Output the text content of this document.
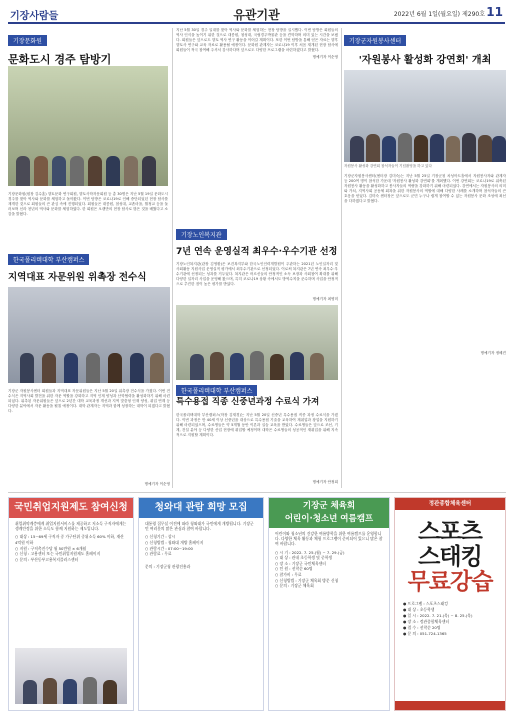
기장사람들	유관기관	2022년 6월 1일(월요일) 제290호 11
기장문화원
문화도시 경주 탐방기
기장문화원(원장 김수홍) 향토문화 연구회원, 향토사학자문회원 등 총 30명은 지난 5월 19일 문화도시 경주를 찾아 역사와 문화를 체험하고 돌아왔다. 이번 탐방은 코로나19로 인해 중단되었던 현장 답사를 재개한 것으로 회원들의 큰 관심 속에 진행되었다. 회원들은 대릉원, 첨성대, 교촌마을, 월정교 등을 둘러보며 신라 천년의 역사와 문화를 체험하였다. 한 회원은 오랜만의 현장 답사로 많은 것을 배웠다고 소감을 밝혔다.
지난 5월 30일 경주 일대를 찾아 역사와 문화를 체험하는 현장 탐방을 실시했다. 이번 탐방은 회원들의 역사 인식을 높이기 위한 것으로 대릉원, 첨성대, 국립경주박물관 등을 견학하며 의미 있는 시간을 보냈다. 회원들은 앞으로도 향토 역사 연구 활동을 이어갈 계획이다. 또한 이번 탐방을 통해 얻은 자료는 향후 향토사 연구와 교육 자료로 활용될 예정이다. 문화원 관계자는 코로나19 이후 처음 재개된 현장 답사에 회원들이 적극 참여해 주셔서 감사하다며 앞으로도 다양한 프로그램을 마련하겠다고 밝혔다.
명예기자 이순영
기장군자원봉사센터
'자원봉사 활성화 강연회' 개최
자원봉사 활성화 강연회 참석자들이 기념촬영을 하고 있다
기장군자원봉사센터(센터장 김미숙)는 지난 5월 25일 기장군청 차성아트홀에서 자원봉사자와 관계자 등 200여 명이 참석한 가운데 '자원봉사 활성화 강연회'를 개최했다. 이번 강연회는 코로나19로 위축된 자원봉사 활동을 활성화하고 봉사자들의 역량을 강화하기 위해 마련되었다. 강연에서는 자원봉사의 의미와 가치, 지역사회 공동체 회복을 위한 자원봉사의 역할에 대해 다양한 사례를 소개하며 참석자들의 큰 호응을 얻었다. 김미숙 센터장은 앞으로도 군민 누구나 쉽게 참여할 수 있는 자원봉사 문화 조성에 최선을 다하겠다고 밝혔다.
명예기자 정혜진
기장노인복지관
7년 연속 운영실적 최우수·우수기관 선정
기장노인복지관(관장 김영환)은 보건복지부와 한국노인인력개발원이 주관하는 2021년 노인일자리 및 사회활동 지원사업 운영실적 평가에서 최우수기관으로 선정되었다. 이로써 복지관은 7년 연속 최우수·우수기관에 선정되는 성과를 거두었다. 복지관은 어르신들의 안정적인 소득 보장과 사회참여 확대를 위해 다양한 일자리 사업을 운영해 왔으며, 특히 코로나19 상황 속에서도 방역수칙을 준수하며 사업을 안정적으로 추진한 점이 높은 평가를 받았다.
명예기자 최영미
한국폴리텍대학 부산캠퍼스
지역대표 자문위원 위촉장 전수식
기장군 자원봉사센터 회원들과 지역대표 자문위원들은 지난 5월 20일 위촉장 전수식을 가졌다. 이번 전수식은 지역사회 발전을 위한 자문 역할을 강화하고 지역 인재 양성과 산학협력을 활성화하기 위해 마련되었다. 위촉된 자문위원들은 앞으로 2년간 대학 교육과정 개선과 지역 맞춤형 인재 양성, 취업 연계 등 다양한 분야에서 자문 활동을 펼칠 예정이다. 대학 관계자는 지역과 함께 성장하는 대학이 되겠다고 밝혔다.
명예기자 이순영
한국폴리텍대학 부산캠퍼스
특수용접 직종 신중년과정 수료식 가져
한국폴리텍대학 부산캠퍼스(학장 김재경)는 지난 5월 20일 신중년 특수용접 직종 과정 수료식을 가졌다. 이번 과정은 만 40세 이상 신중년을 대상으로 특수용접 기술을 교육하여 재취업과 창업을 지원하기 위해 마련되었으며, 수료생들은 약 5개월 동안 이론과 실습 교육을 받았다. 수료생들은 앞으로 조선, 기계, 건설 분야 등 다양한 산업 현장에 취업할 예정이며 대학은 수료생들의 성공적인 재취업을 위해 지속적으로 지원할 계획이다.
명예기자 안정희
국민취업지원제도 참여신청
취업취약계층에게 취업지원서비스를 제공하고 저소득 구직자에게는 생계안정을 위한 소득도 함께 지원하는 제도입니다.
○ 대상 : 15~69세 구직자 중 가구단위 중위소득 60% 이하, 재산 4억원 이하
○ 지원 : 구직촉진수당 월 50만원 × 6개월
○ 신청 : 고용센터 또는 국민취업지원제도 홈페이지
○ 문의 : 부산동부고용복지플러스센터
청와대 관람 희망 모집
대통령 집무실 이전에 따라 청와대가 국민에게 개방됩니다. 기장군민 여러분의 많은 관심과 참여 바랍니다.
○ 신청기간 : 상시
○ 신청방법 : 청와대 개방 홈페이지
○ 관람시간 : 07:00~19:00
○ 관람료 : 무료
문의 : 기장군청 관광진흥과
기장군 체육회
어린이·청소년 여름캠프
어린이와 청소년의 건강한 여름방학을 위한 여름캠프를 운영합니다. 다양한 체육 활동과 체험 프로그램이 준비되어 있으니 많은 참여 바랍니다.
○ 시 기 : 2022. 7. 25.(월) ~ 7. 29.(금)
○ 대 상 : 관내 초등학생 및 중학생
○ 장 소 : 기장군 국민체육센터
○ 인 원 : 선착순 60명
○ 참가비 : 무료
○ 신청방법 : 기장군 체육회 방문 신청
○ 문의 : 기장군 체육회
정관종합체육센터
스포츠
스태킹
무료강습
● 프로그램 : 스포츠스태킹
● 대 상 : 초등학생
● 일 시 : 2022. 7. 21.(목) ~ 8. 25.(목)
● 장 소 : 정관종합체육센터
● 접 수 : 선착순 20명
● 문 의 : 051-724-1365
